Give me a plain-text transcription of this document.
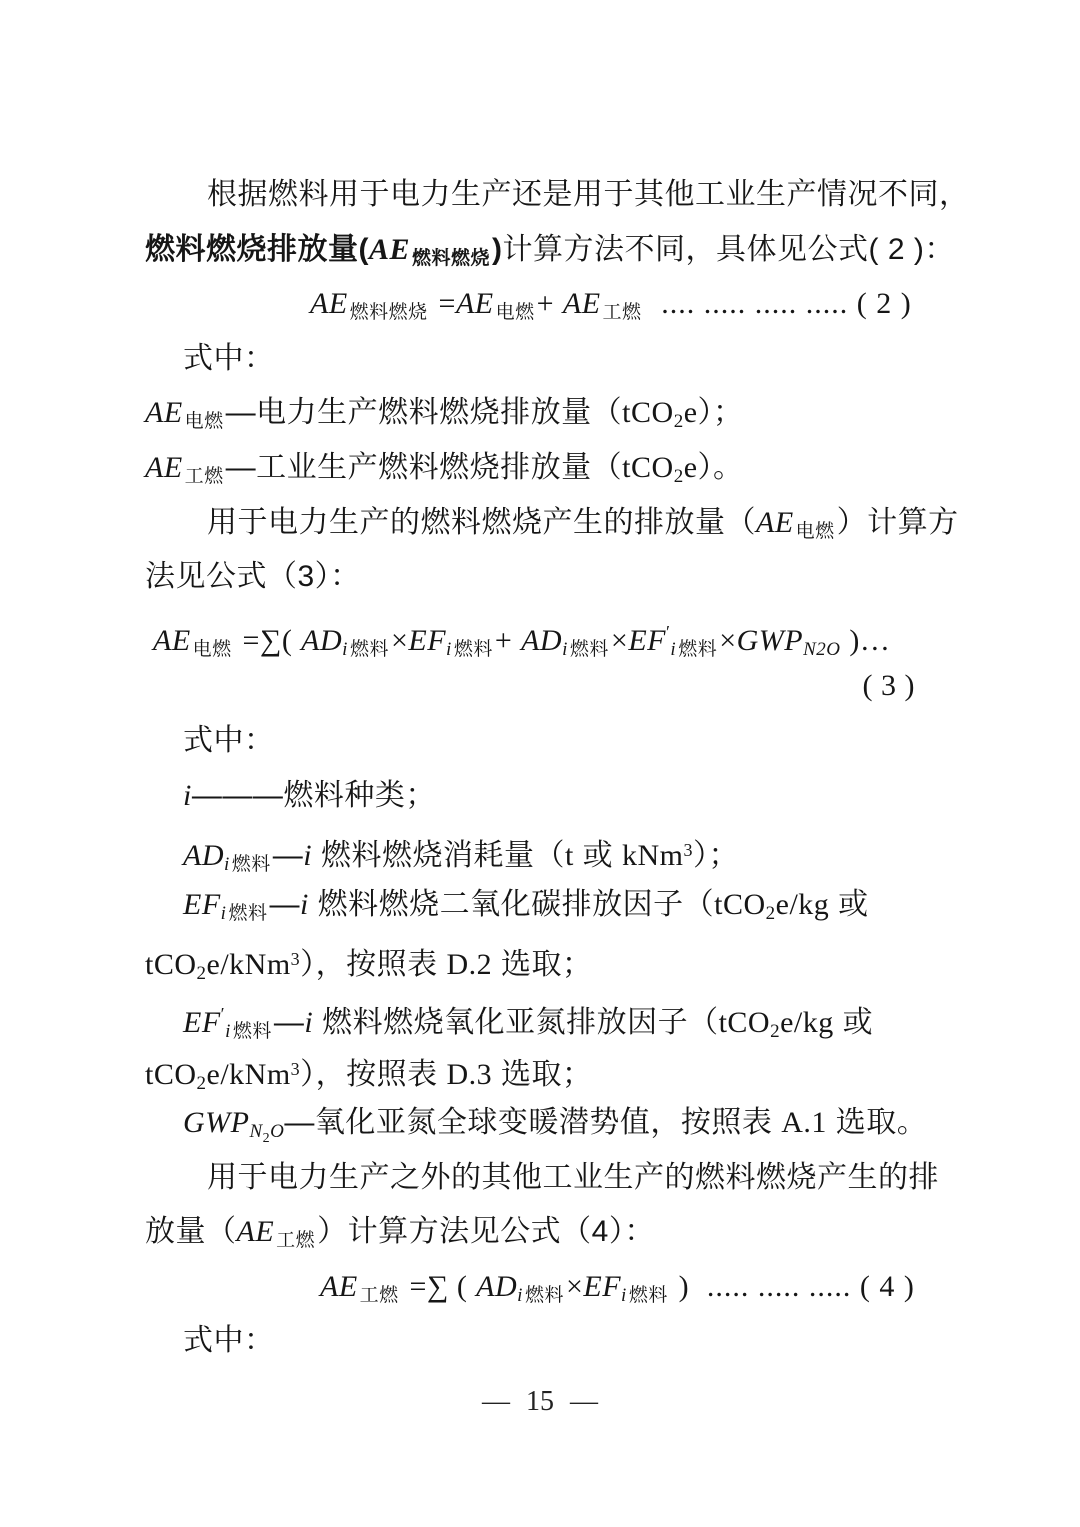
根据燃料用于电力生产还是用于其他工业生产情况不同，
燃料燃烧排放量(AE 燃料燃烧)计算方法不同，具体见公式( 2 )：
AE 燃料燃烧 =AE 电燃+ AE 工燃 .... ..... ..... ..... ( 2 )
式中：
AE 电燃—电力生产燃料燃烧排放量（tCO2e）；
AE 工燃—工业生产燃料燃烧排放量（tCO2e）。
用于电力生产的燃料燃烧产生的排放量（AE 电燃）计算方
法见公式（3）：
AE 电燃 =∑( ADi 燃料×EFi 燃料+ ADi 燃料×EF′i 燃料×GWPN2O )…
( 3 )
式中：
i———燃料种类；
ADi 燃料—i 燃料燃烧消耗量（t 或 kNm$^3$）；
EFi 燃料—i 燃料燃烧二氧化碳排放因子（tCO2e/kg 或
tCO2e/kNm$^3$），按照表 D.2 选取；
EF′i 燃料—i 燃料燃烧氧化亚氮排放因子（tCO2e/kg 或
tCO2e/kNm$^3$），按照表 D.3 选取；
$GWPN_2O—$氧化亚氮全球变暖潜势值，按照表 A.1 选取。
用于电力生产之外的其他工业生产的燃料燃烧产生的排
放量（AE 工燃）计算方法见公式（4）：
AE 工燃 =∑ ( ADi 燃料×EFi 燃料 ) ..... ..... ..... ( 4 )
式中：
— 15 —
